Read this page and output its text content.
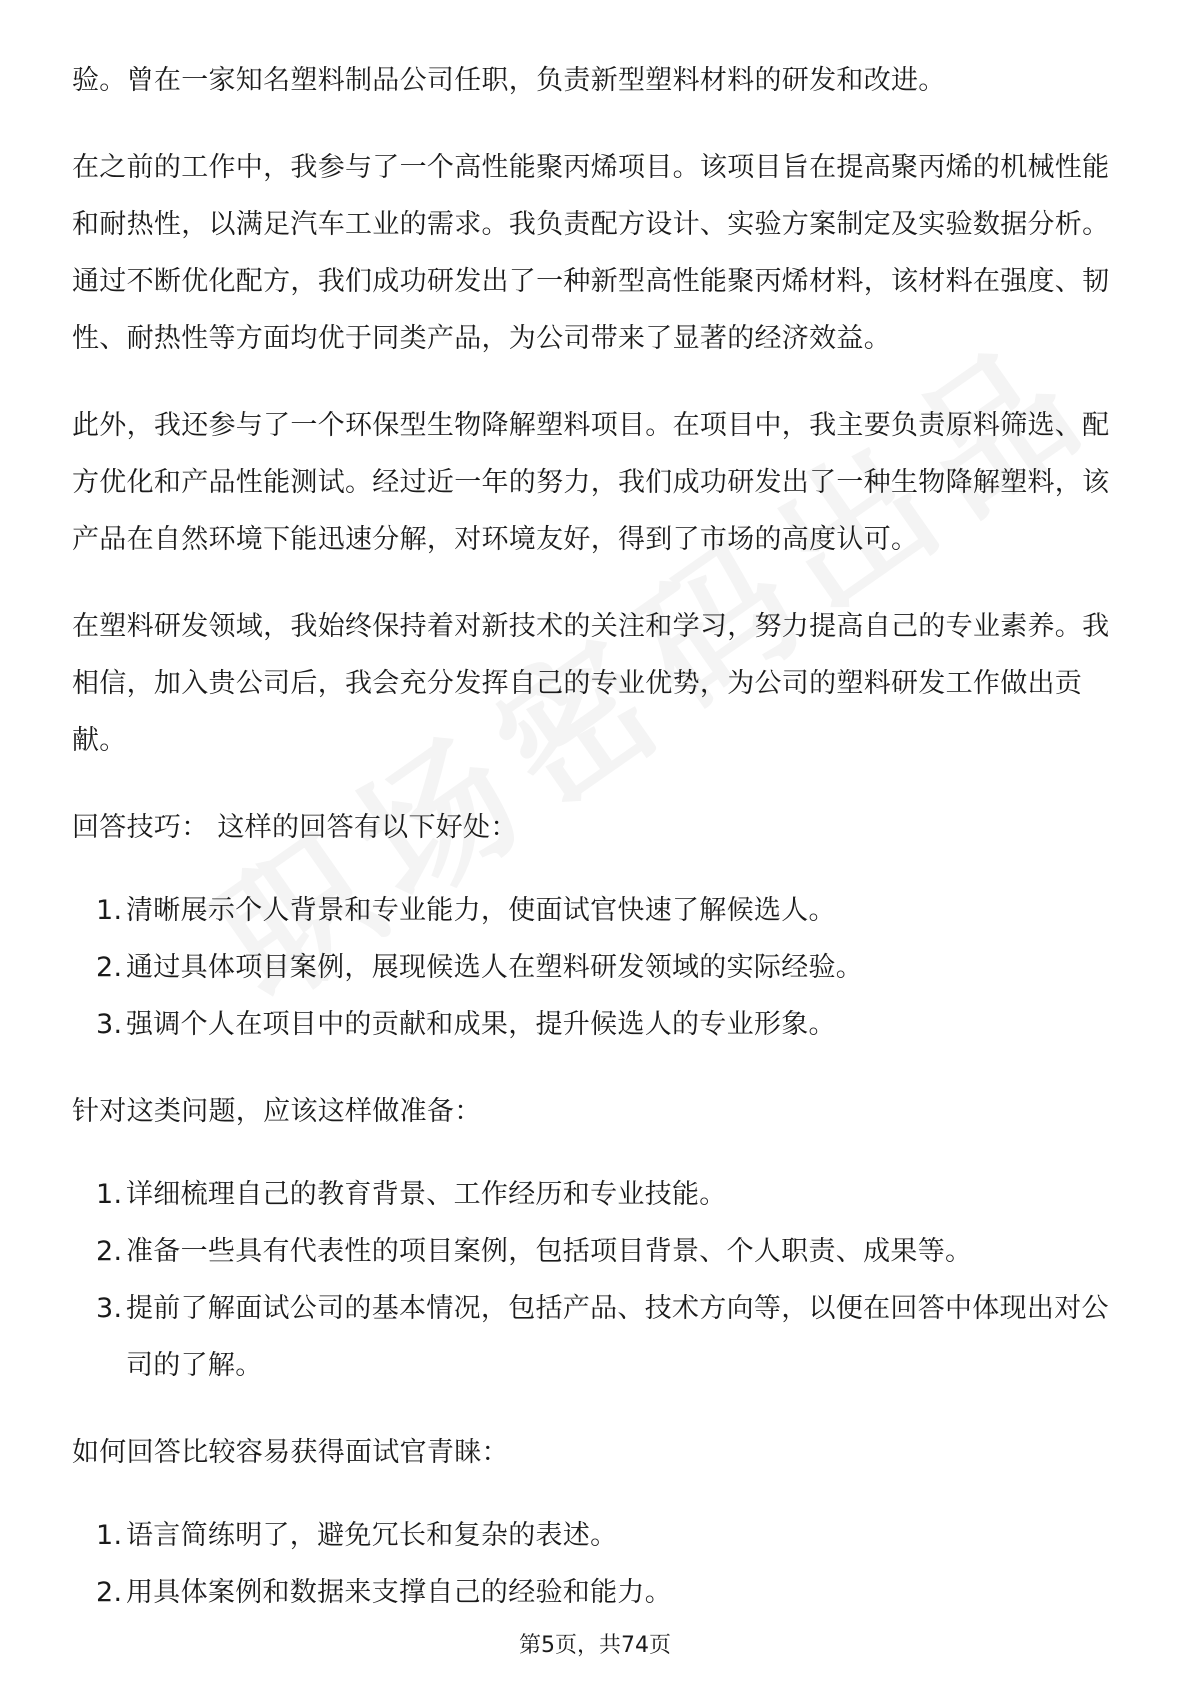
验。曾在一家知名塑料制品公司任职，负责新型塑料材料的研发和改进。

在之前的工作中，我参与了一个高性能聚丙烯项目。该项目旨在提高聚丙烯的机械性能和耐热性，以满足汽车工业的需求。我负责配方设计、实验方案制定及实验数据分析。通过不断优化配方，我们成功研发出了一种新型高性能聚丙烯材料，该材料在强度、韧性、耐热性等方面均优于同类产品，为公司带来了显著的经济效益。

此外，我还参与了一个环保型生物降解塑料项目。在项目中，我主要负责原料筛选、配方优化和产品性能测试。经过近一年的努力，我们成功研发出了一种生物降解塑料，该产品在自然环境下能迅速分解，对环境友好，得到了市场的高度认可。

在塑料研发领域，我始终保持着对新技术的关注和学习，努力提高自己的专业素养。我相信，加入贵公司后，我会充分发挥自己的专业优势，为公司的塑料研发工作做出贡献。

回答技巧： 这样的回答有以下好处：

1. 清晰展示个人背景和专业能力，使面试官快速了解候选人。
2. 通过具体项目案例，展现候选人在塑料研发领域的实际经验。
3. 强调个人在项目中的贡献和成果，提升候选人的专业形象。

针对这类问题，应该这样做准备：

1. 详细梳理自己的教育背景、工作经历和专业技能。
2. 准备一些具有代表性的项目案例，包括项目背景、个人职责、成果等。
3. 提前了解面试公司的基本情况，包括产品、技术方向等，以便在回答中体现出对公司的了解。

如何回答比较容易获得面试官青睐：

1. 语言简练明了，避免冗长和复杂的表述。
2. 用具体案例和数据来支撑自己的经验和能力。
第5页，共74页
